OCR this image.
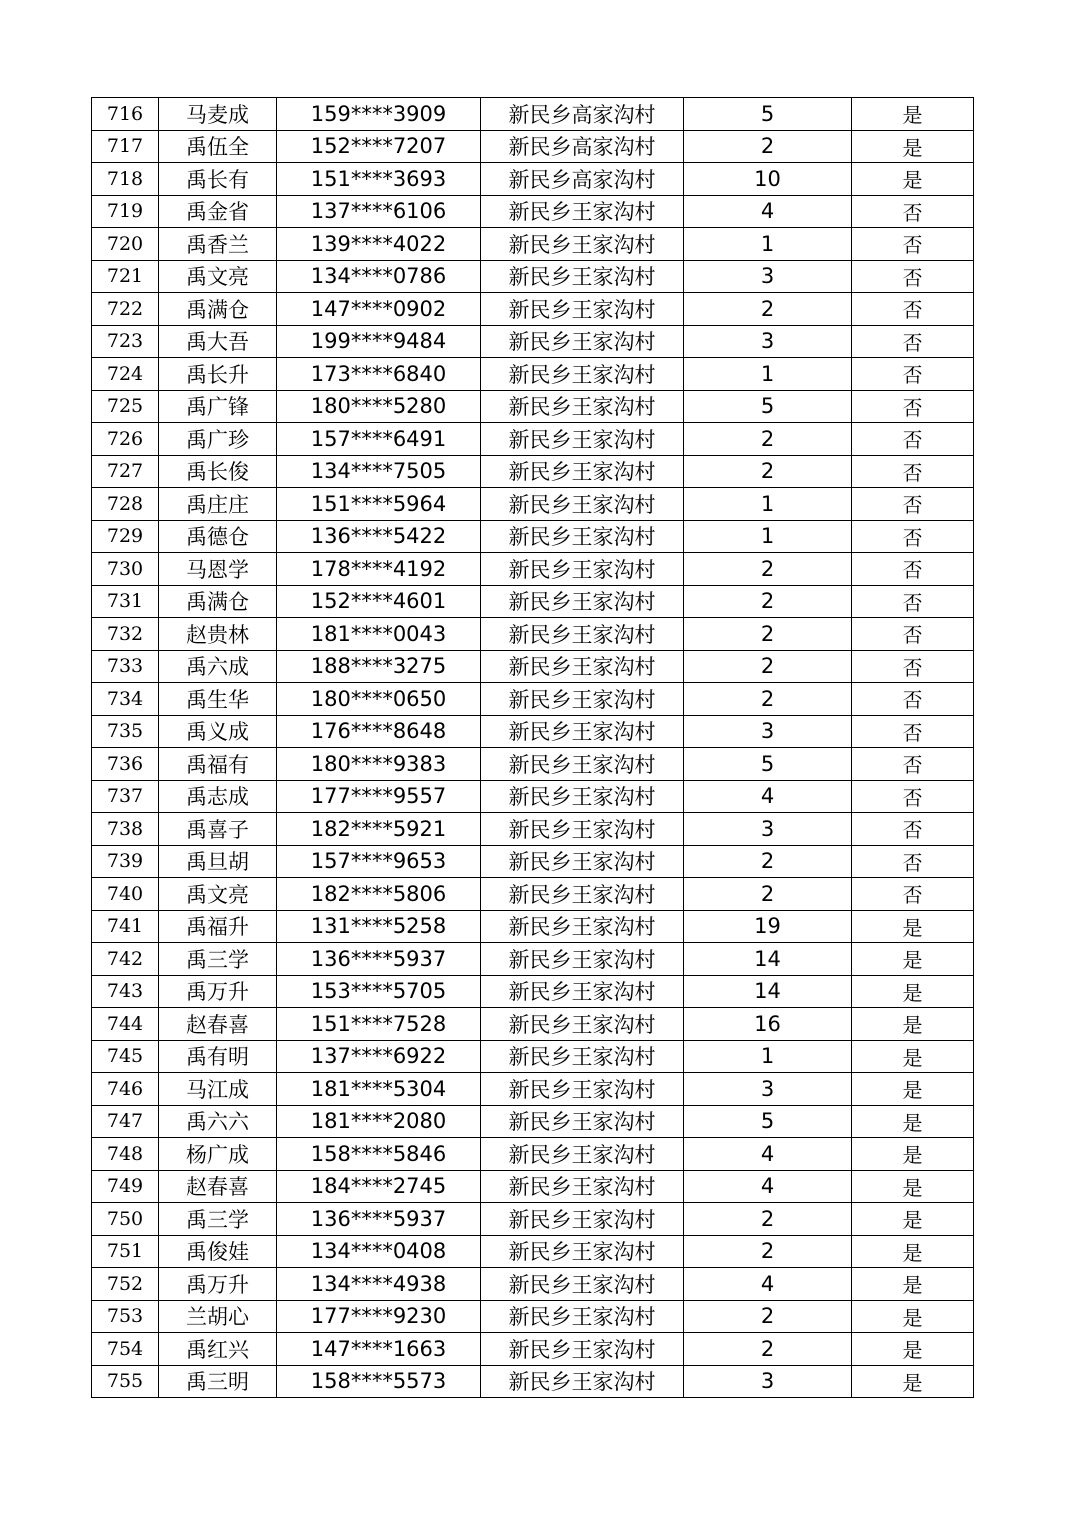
716	马麦成	159****3909	新民乡高家沟村	5	是
717	禹伍全	152****7207	新民乡高家沟村	2	是
718	禹长有	151****3693	新民乡高家沟村	10	是
719	禹金省	137****6106	新民乡王家沟村	4	否
720	禹香兰	139****4022	新民乡王家沟村	1	否
721	禹文亮	134****0786	新民乡王家沟村	3	否
722	禹满仓	147****0902	新民乡王家沟村	2	否
723	禹大吾	199****9484	新民乡王家沟村	3	否
724	禹长升	173****6840	新民乡王家沟村	1	否
725	禹广锋	180****5280	新民乡王家沟村	5	否
726	禹广珍	157****6491	新民乡王家沟村	2	否
727	禹长俊	134****7505	新民乡王家沟村	2	否
728	禹庄庄	151****5964	新民乡王家沟村	1	否
729	禹德仓	136****5422	新民乡王家沟村	1	否
730	马恩学	178****4192	新民乡王家沟村	2	否
731	禹满仓	152****4601	新民乡王家沟村	2	否
732	赵贵林	181****0043	新民乡王家沟村	2	否
733	禹六成	188****3275	新民乡王家沟村	2	否
734	禹生华	180****0650	新民乡王家沟村	2	否
735	禹义成	176****8648	新民乡王家沟村	3	否
736	禹福有	180****9383	新民乡王家沟村	5	否
737	禹志成	177****9557	新民乡王家沟村	4	否
738	禹喜子	182****5921	新民乡王家沟村	3	否
739	禹旦胡	157****9653	新民乡王家沟村	2	否
740	禹文亮	182****5806	新民乡王家沟村	2	否
741	禹福升	131****5258	新民乡王家沟村	19	是
742	禹三学	136****5937	新民乡王家沟村	14	是
743	禹万升	153****5705	新民乡王家沟村	14	是
744	赵春喜	151****7528	新民乡王家沟村	16	是
745	禹有明	137****6922	新民乡王家沟村	1	是
746	马江成	181****5304	新民乡王家沟村	3	是
747	禹六六	181****2080	新民乡王家沟村	5	是
748	杨广成	158****5846	新民乡王家沟村	4	是
749	赵春喜	184****2745	新民乡王家沟村	4	是
750	禹三学	136****5937	新民乡王家沟村	2	是
751	禹俊娃	134****0408	新民乡王家沟村	2	是
752	禹万升	134****4938	新民乡王家沟村	4	是
753	兰胡心	177****9230	新民乡王家沟村	2	是
754	禹红兴	147****1663	新民乡王家沟村	2	是
755	禹三明	158****5573	新民乡王家沟村	3	是
